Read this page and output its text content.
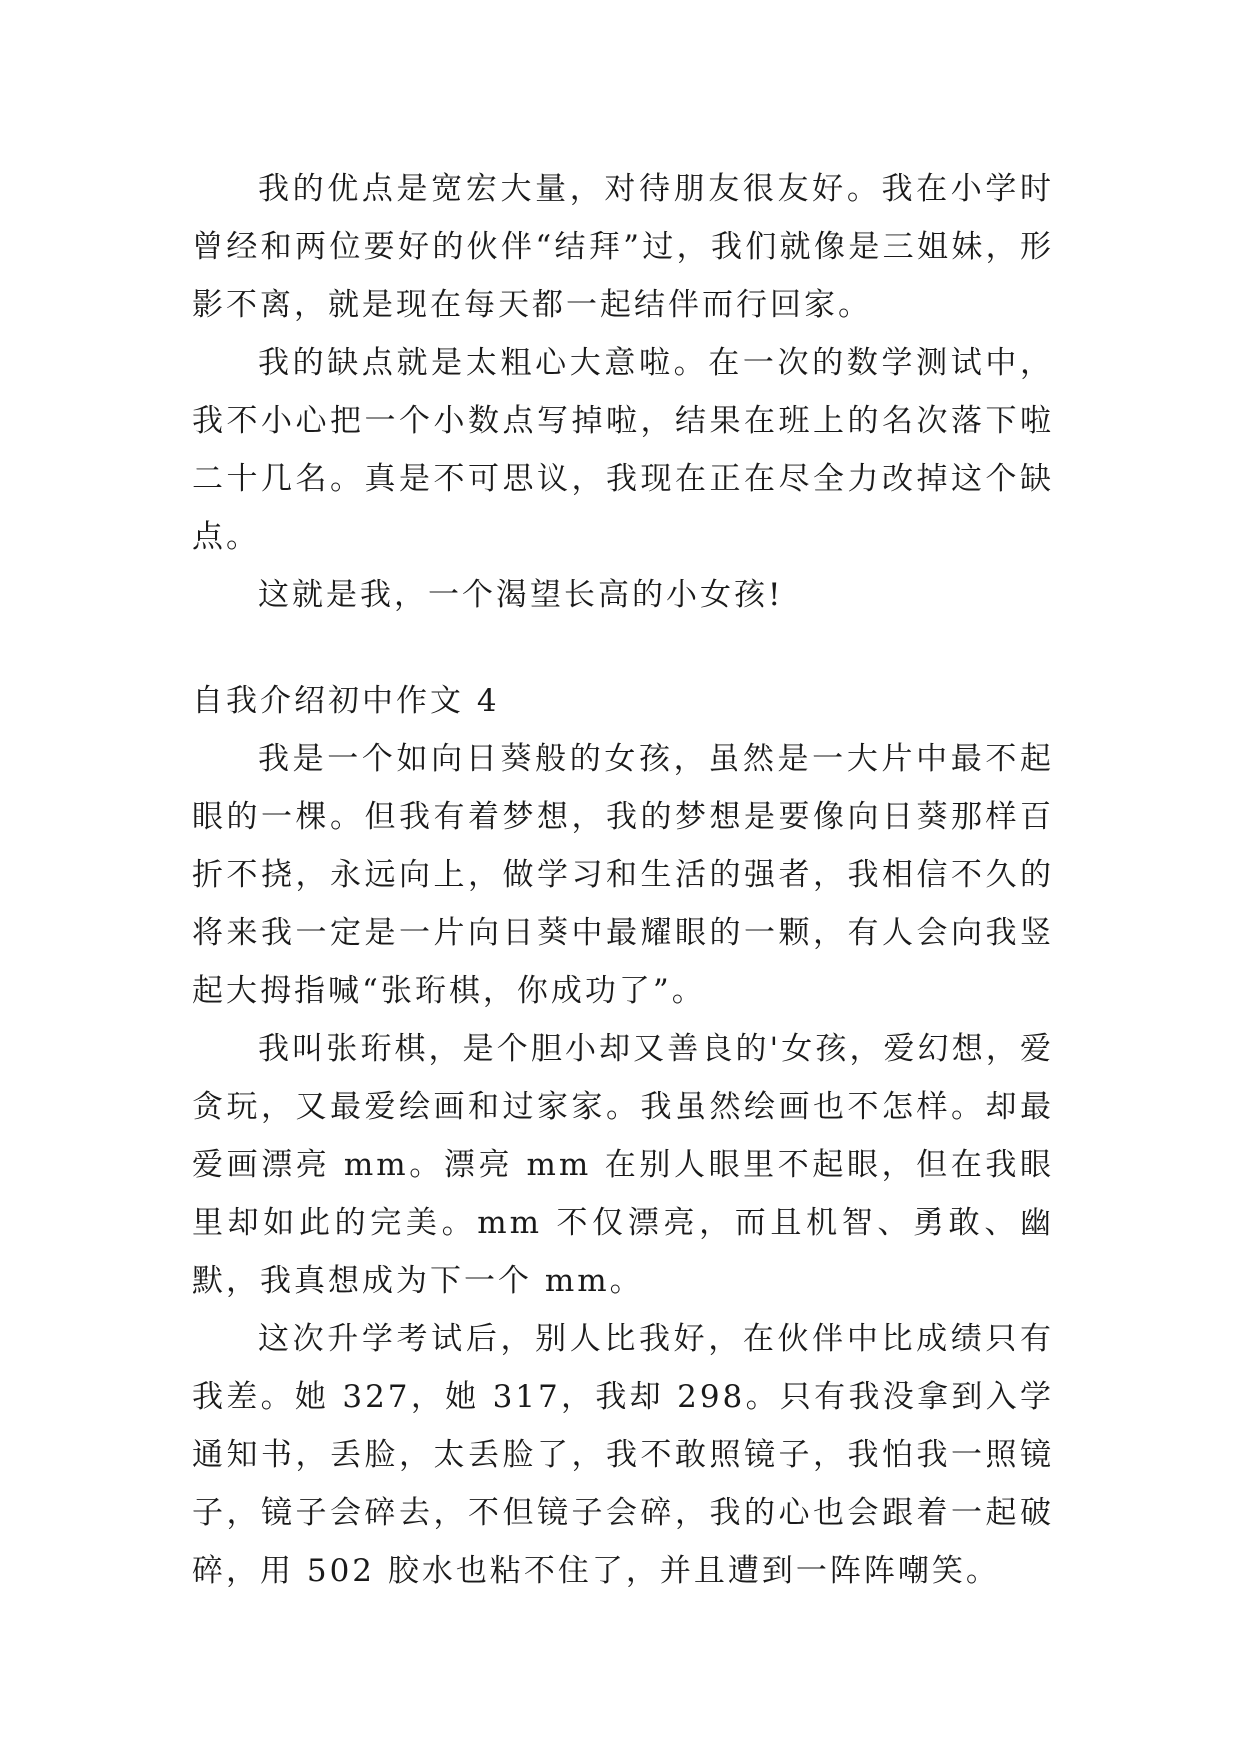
我的优点是宽宏大量，对待朋友很友好。我在小学时曾经和两位要好的伙伴“结拜”过，我们就像是三姐妹，形影不离，就是现在每天都一起结伴而行回家。

我的缺点就是太粗心大意啦。在一次的数学测试中，我不小心把一个小数点写掉啦，结果在班上的名次落下啦二十几名。真是不可思议，我现在正在尽全力改掉这个缺点。

这就是我，一个渴望长高的小女孩!

自我介绍初中作文 4

我是一个如向日葵般的女孩，虽然是一大片中最不起眼的一棵。但我有着梦想，我的梦想是要像向日葵那样百折不挠，永远向上，做学习和生活的强者，我相信不久的将来我一定是一片向日葵中最耀眼的一颗，有人会向我竖起大拇指喊“张珩棋，你成功了”。

我叫张珩棋，是个胆小却又善良的'女孩，爱幻想，爱贪玩，又最爱绘画和过家家。我虽然绘画也不怎样。却最爱画漂亮 mm。漂亮 mm 在别人眼里不起眼，但在我眼里却如此的完美。mm 不仅漂亮，而且机智、勇敢、幽默，我真想成为下一个 mm。

这次升学考试后，别人比我好，在伙伴中比成绩只有我差。她 327，她 317，我却 298。只有我没拿到入学通知书，丢脸，太丢脸了，我不敢照镜子，我怕我一照镜子，镜子会碎去，不但镜子会碎，我的心也会跟着一起破碎，用 502 胶水也粘不住了，并且遭到一阵阵嘲笑。
